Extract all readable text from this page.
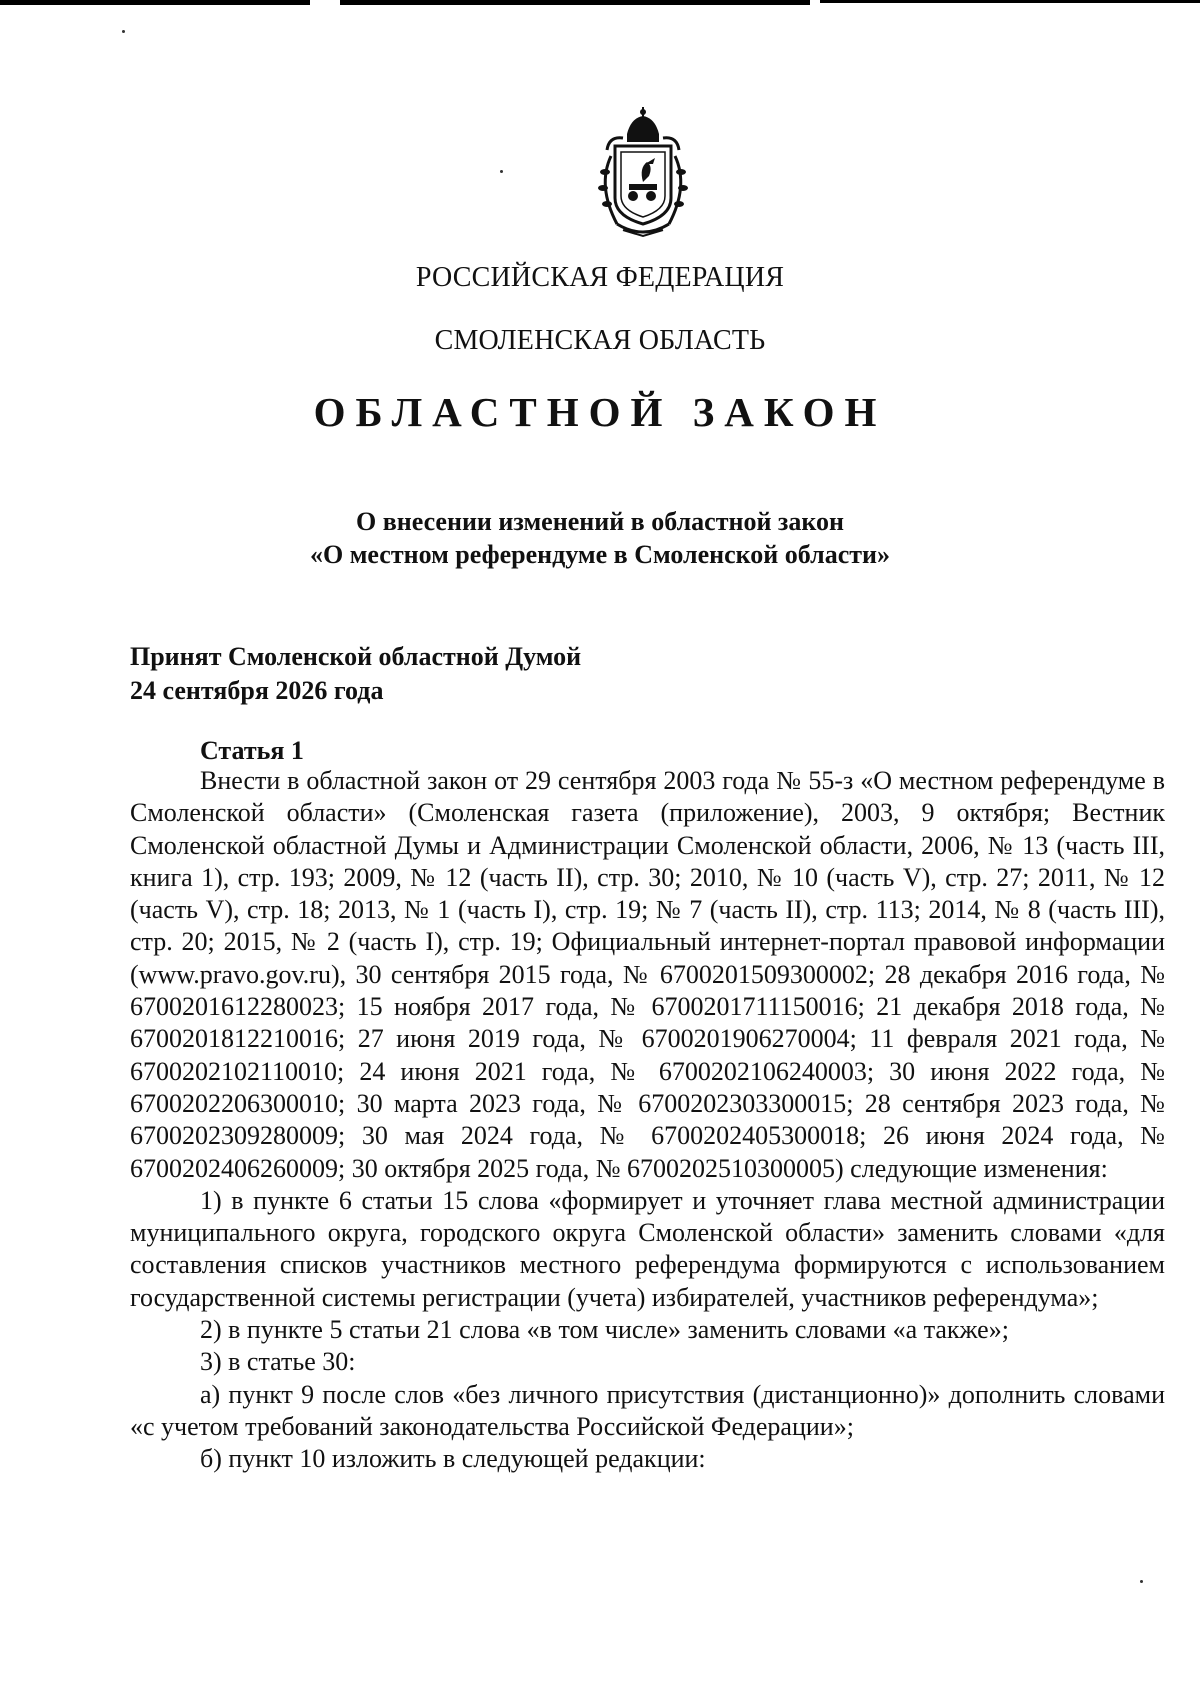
РОССИЙСКАЯ ФЕДЕРАЦИЯ
СМОЛЕНСКАЯ ОБЛАСТЬ
ОБЛАСТНОЙ ЗАКОН
О внесении изменений в областной закон
«О местном референдуме в Смоленской области»
Принят Смоленской областной Думой
24 сентября 2026 года
Статья 1

Внести в областной закон от 29 сентября 2003 года № 55-з «О местном референдуме в Смоленской области» (Смоленская газета (приложение), 2003, 9 октября; Вестник Смоленской областной Думы и Администрации Смоленской области, 2006, № 13 (часть III, книга 1), стр. 193; 2009, № 12 (часть II), стр. 30; 2010, № 10 (часть V), стр. 27; 2011, № 12 (часть V), стр. 18; 2013, № 1 (часть I), стр. 19; № 7 (часть II), стр. 113; 2014, № 8 (часть III), стр. 20; 2015, № 2 (часть I), стр. 19; Официальный интернет-портал правовой информации (www.pravo.gov.ru), 30 сентября 2015 года, № 6700201509300002; 28 декабря 2016 года, № 6700201612280023; 15 ноября 2017 года, № 6700201711150016; 21 декабря 2018 года, № 6700201812210016; 27 июня 2019 года, № 6700201906270004; 11 февраля 2021 года, № 6700202102110010; 24 июня 2021 года, № 6700202106240003; 30 июня 2022 года, № 6700202206300010; 30 марта 2023 года, № 6700202303300015; 28 сентября 2023 года, № 6700202309280009; 30 мая 2024 года, № 6700202405300018; 26 июня 2024 года, № 6700202406260009; 30 октября 2025 года, № 6700202510300005) следующие изменения:

1) в пункте 6 статьи 15 слова «формирует и уточняет глава местной администрации муниципального округа, городского округа Смоленской области» заменить словами «для составления списков участников местного референдума формируются с использованием государственной системы регистрации (учета) избирателей, участников референдума»;

2) в пункте 5 статьи 21 слова «в том числе» заменить словами «а также»;

3) в статье 30:

а) пункт 9 после слов «без личного присутствия (дистанционно)» дополнить словами «с учетом требований законодательства Российской Федерации»;

б) пункт 10 изложить в следующей редакции:
